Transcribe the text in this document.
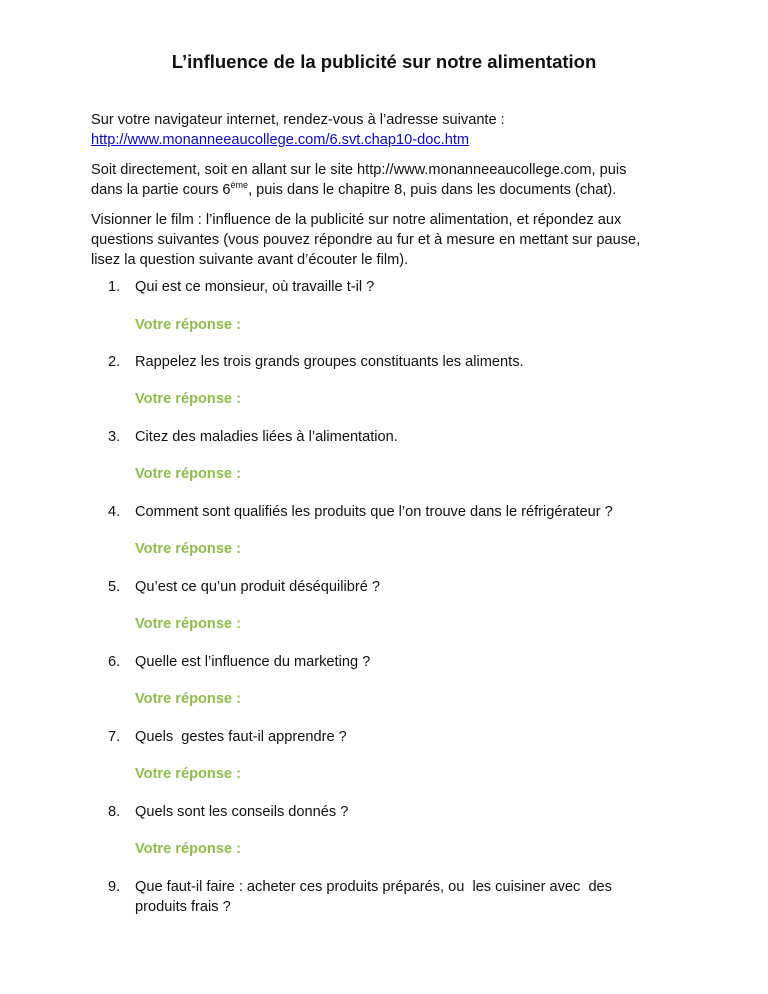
L’influence de la publicité sur notre alimentation
Sur votre navigateur internet, rendez-vous à l’adresse suivante :
http://www.monanneeaucollege.com/6.svt.chap10-doc.htm
Soit directement, soit en allant sur le site http://www.monanneeaucollege.com, puis
dans la partie cours 6ème, puis dans le chapitre 8, puis dans les documents (chat).
Visionner le film : l’influence de la publicité sur notre alimentation, et répondez aux
questions suivantes (vous pouvez répondre au fur et à mesure en mettant sur pause,
lisez la question suivante avant d’écouter le film).
1. Qui est ce monsieur, où travaille t-il ?
Votre réponse :
2. Rappelez les trois grands groupes constituants les aliments.
Votre réponse :
3. Citez des maladies liées à l’alimentation.
Votre réponse :
4. Comment sont qualifiés les produits que l’on trouve dans le réfrigérateur ?
Votre réponse :
5. Qu’est ce qu’un produit déséquilibré ?
Votre réponse :
6. Quelle est l’influence du marketing ?
Votre réponse :
7. Quels  gestes faut-il apprendre ?
Votre réponse :
8. Quels sont les conseils donnés ?
Votre réponse :
9. Que faut-il faire : acheter ces produits préparés, ou  les cuisiner avec  des
produits frais ?
